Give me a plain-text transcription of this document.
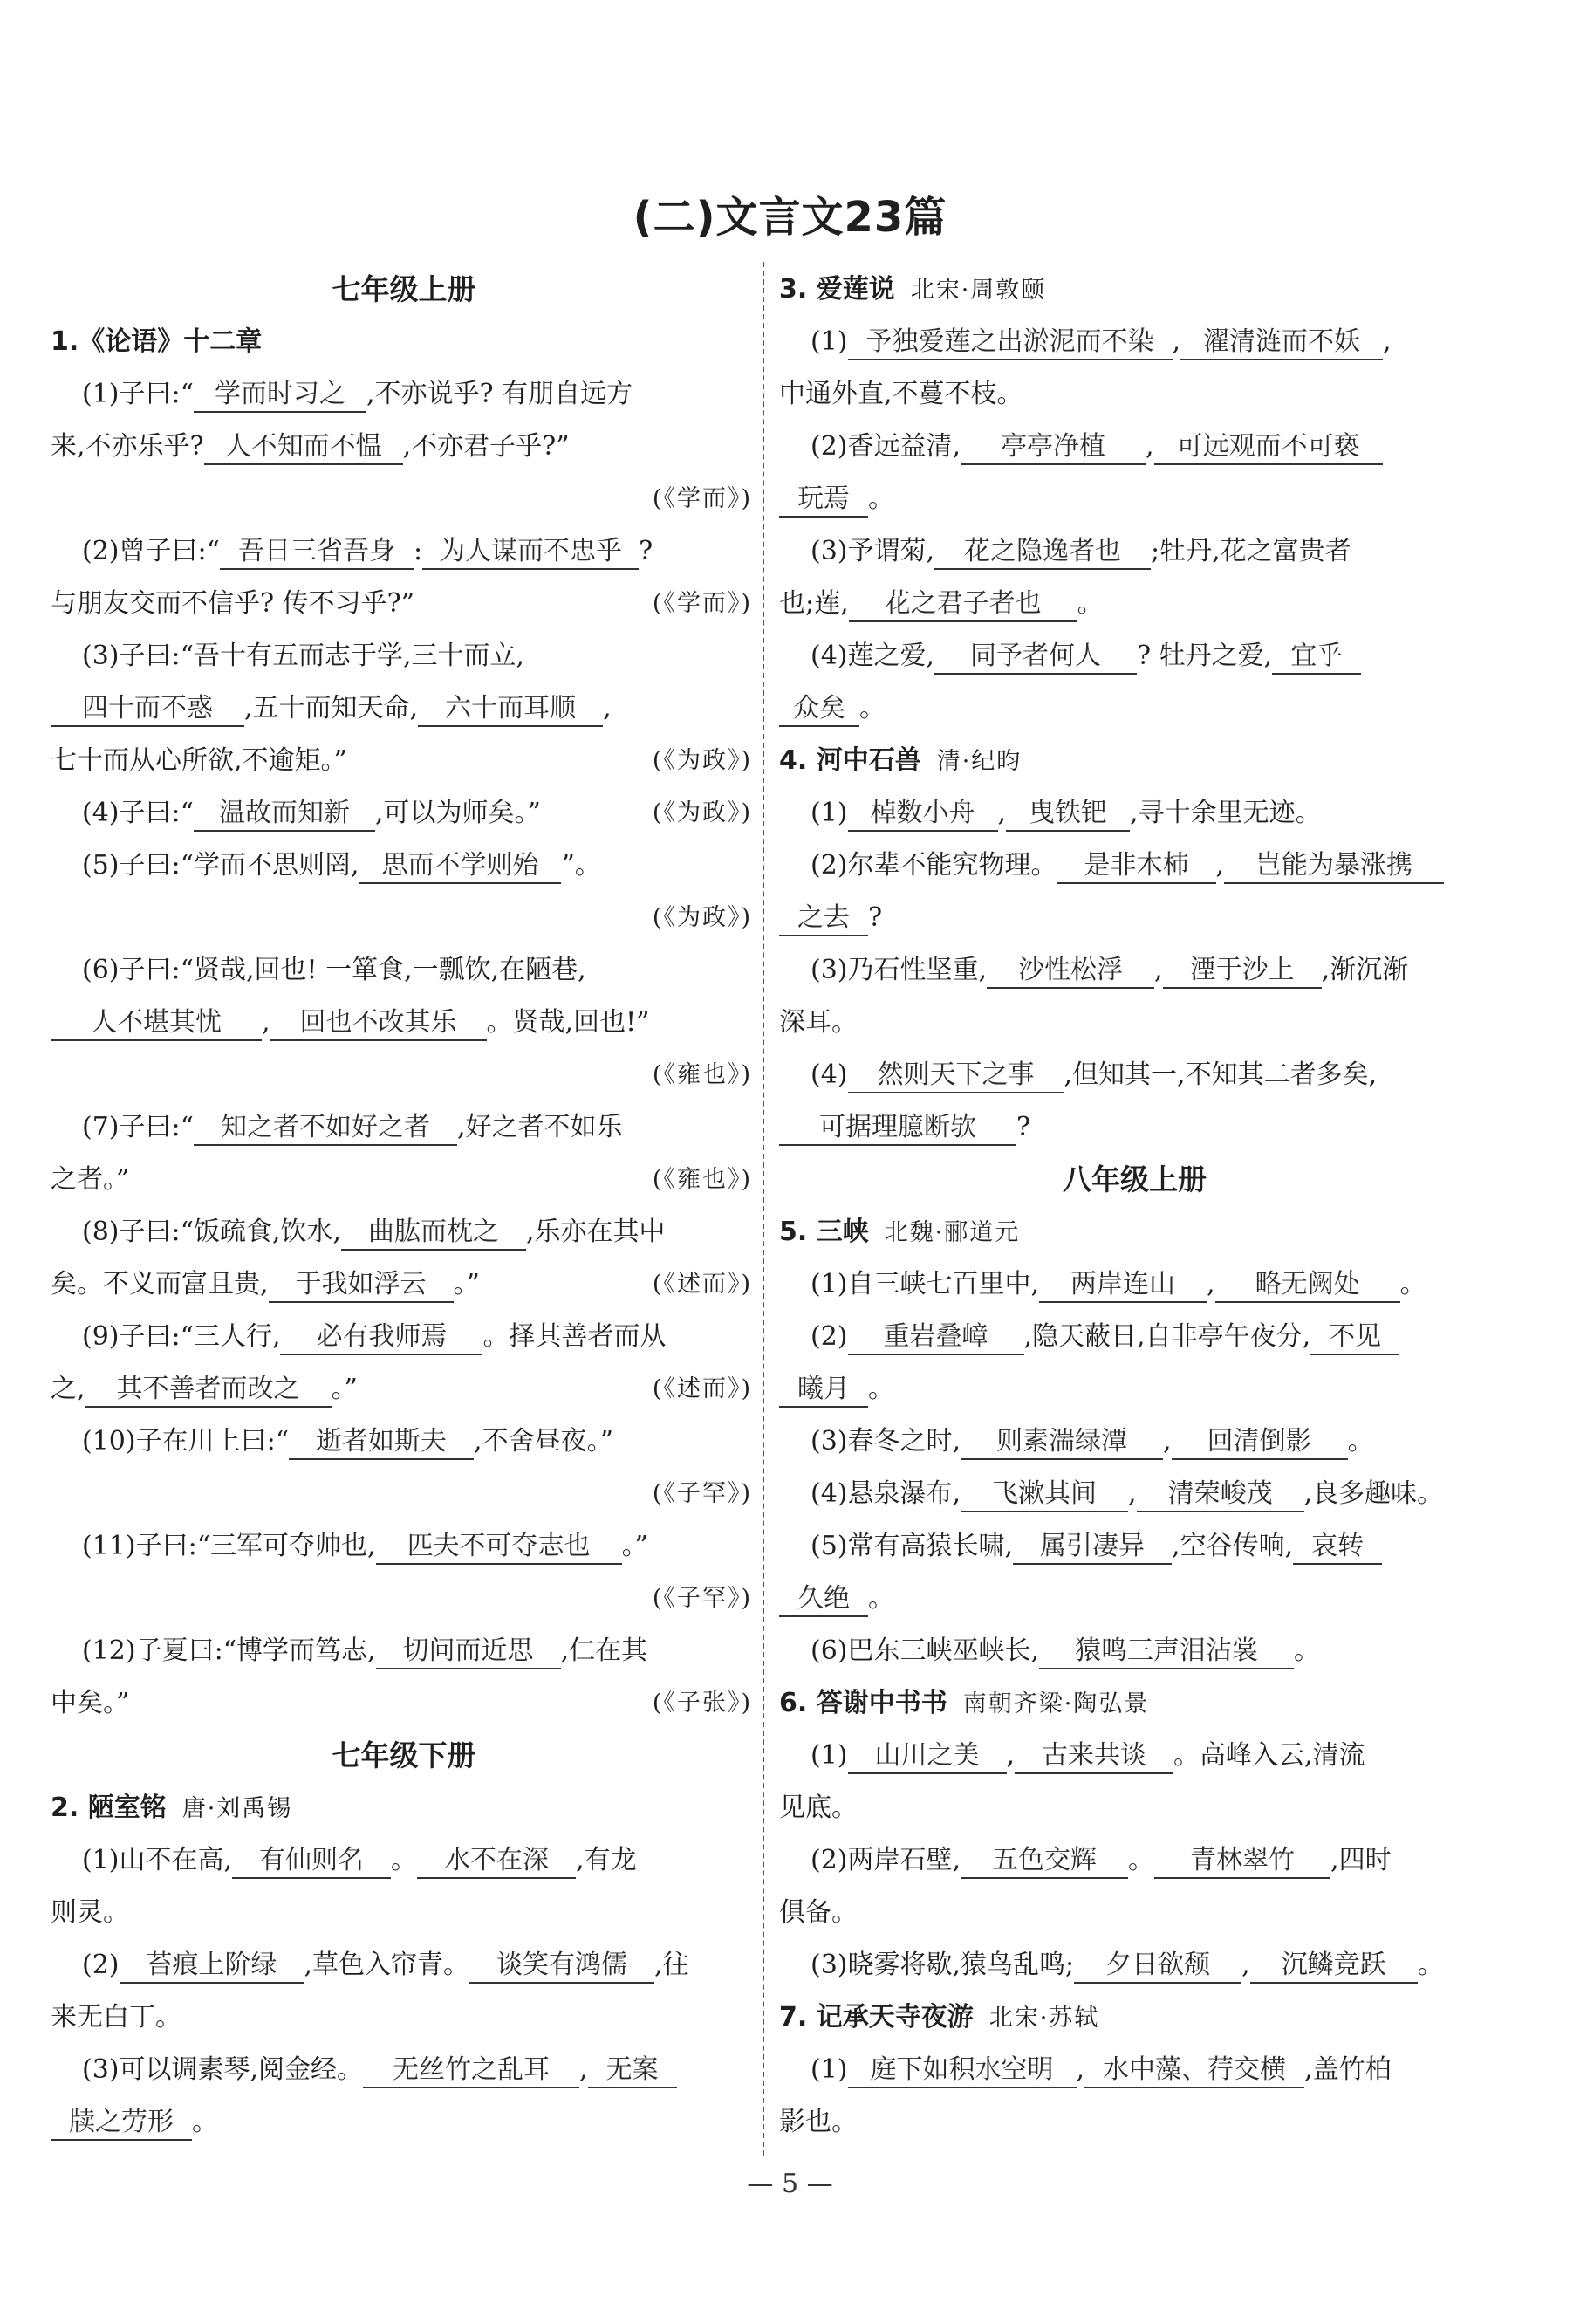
(二)文言文23篇
七年级上册
1.《论语》十二章
(1)子曰:“ 学而时习之 ,不亦说乎? 有朋自远方
来,不亦乐乎? 人不知而不愠 ,不亦君子乎?”
(《学而》)
(2)曾子曰:“ 吾日三省吾身 : 为人谋而不忠乎 ?
与朋友交而不信乎? 传不习乎?”	(《学而》)
(3)子曰:“吾十有五而志于学,三十而立,
四十而不惑 ,五十而知天命, 六十而耳顺 ,
七十而从心所欲,不逾矩。”	(《为政》)
(4)子曰:“ 温故而知新 ,可以为师矣。”	(《为政》)
(5)子曰:“学而不思则罔, 思而不学则殆 ”。
(《为政》)
(6)子曰:“贤哉,回也! 一箪食,一瓢饮,在陋巷,
人不堪其忧 , 回也不改其乐 。贤哉,回也!”
(《雍也》)
(7)子曰:“ 知之者不如好之者 ,好之者不如乐
之者。”	(《雍也》)
(8)子曰:“饭疏食,饮水, 曲肱而枕之 ,乐亦在其中
矣。不义而富且贵, 于我如浮云 。”	(《述而》)
(9)子曰:“三人行, 必有我师焉 。择其善者而从
之, 其不善者而改之 。”	(《述而》)
(10)子在川上曰:“ 逝者如斯夫 ,不舍昼夜。”
(《子罕》)
(11)子曰:“三军可夺帅也, 匹夫不可夺志也 。”
(《子罕》)
(12)子夏曰:“博学而笃志, 切问而近思 ,仁在其
中矣。”	(《子张》)
七年级下册
2. 陋室铭 唐·刘禹锡
(1)山不在高, 有仙则名 。 水不在深 ,有龙
则灵。
(2) 苔痕上阶绿 ,草色入帘青。 谈笑有鸿儒 ,往
来无白丁。
(3)可以调素琴,阅金经。 无丝竹之乱耳 , 无案
牍之劳形 。
3. 爱莲说 北宋·周敦颐
(1) 予独爱莲之出淤泥而不染 , 濯清涟而不妖 ,
中通外直,不蔓不枝。
(2)香远益清, 亭亭净植 , 可远观而不可亵
玩焉 。
(3)予谓菊, 花之隐逸者也 ;牡丹,花之富贵者
也;莲, 花之君子者也 。
(4)莲之爱, 同予者何人 ? 牡丹之爱, 宜乎
众矣 。
4. 河中石兽 清·纪昀
(1) 棹数小舟 , 曳铁钯 ,寻十余里无迹。
(2)尔辈不能究物理。 是非木杮 , 岂能为暴涨携
之去 ?
(3)乃石性坚重, 沙性松浮 , 湮于沙上 ,渐沉渐
深耳。
(4) 然则天下之事 ,但知其一,不知其二者多矣,
可据理臆断欤 ?
八年级上册
5. 三峡 北魏·郦道元
(1)自三峡七百里中, 两岸连山 , 略无阙处 。
(2) 重岩叠嶂 ,隐天蔽日,自非亭午夜分, 不见
曦月 。
(3)春冬之时, 则素湍绿潭 , 回清倒影 。
(4)悬泉瀑布, 飞漱其间 , 清荣峻茂 ,良多趣味。
(5)常有高猿长啸, 属引凄异 ,空谷传响, 哀转
久绝 。
(6)巴东三峡巫峡长, 猿鸣三声泪沾裳 。
6. 答谢中书书 南朝齐梁·陶弘景
(1) 山川之美 , 古来共谈 。高峰入云,清流
见底。
(2)两岸石壁, 五色交辉 。 青林翠竹 ,四时
俱备。
(3)晓雾将歇,猿鸟乱鸣; 夕日欲颓 , 沉鳞竞跃 。
7. 记承天寺夜游 北宋·苏轼
(1) 庭下如积水空明 , 水中藻、荇交横 ,盖竹柏
影也。
— 5 —
